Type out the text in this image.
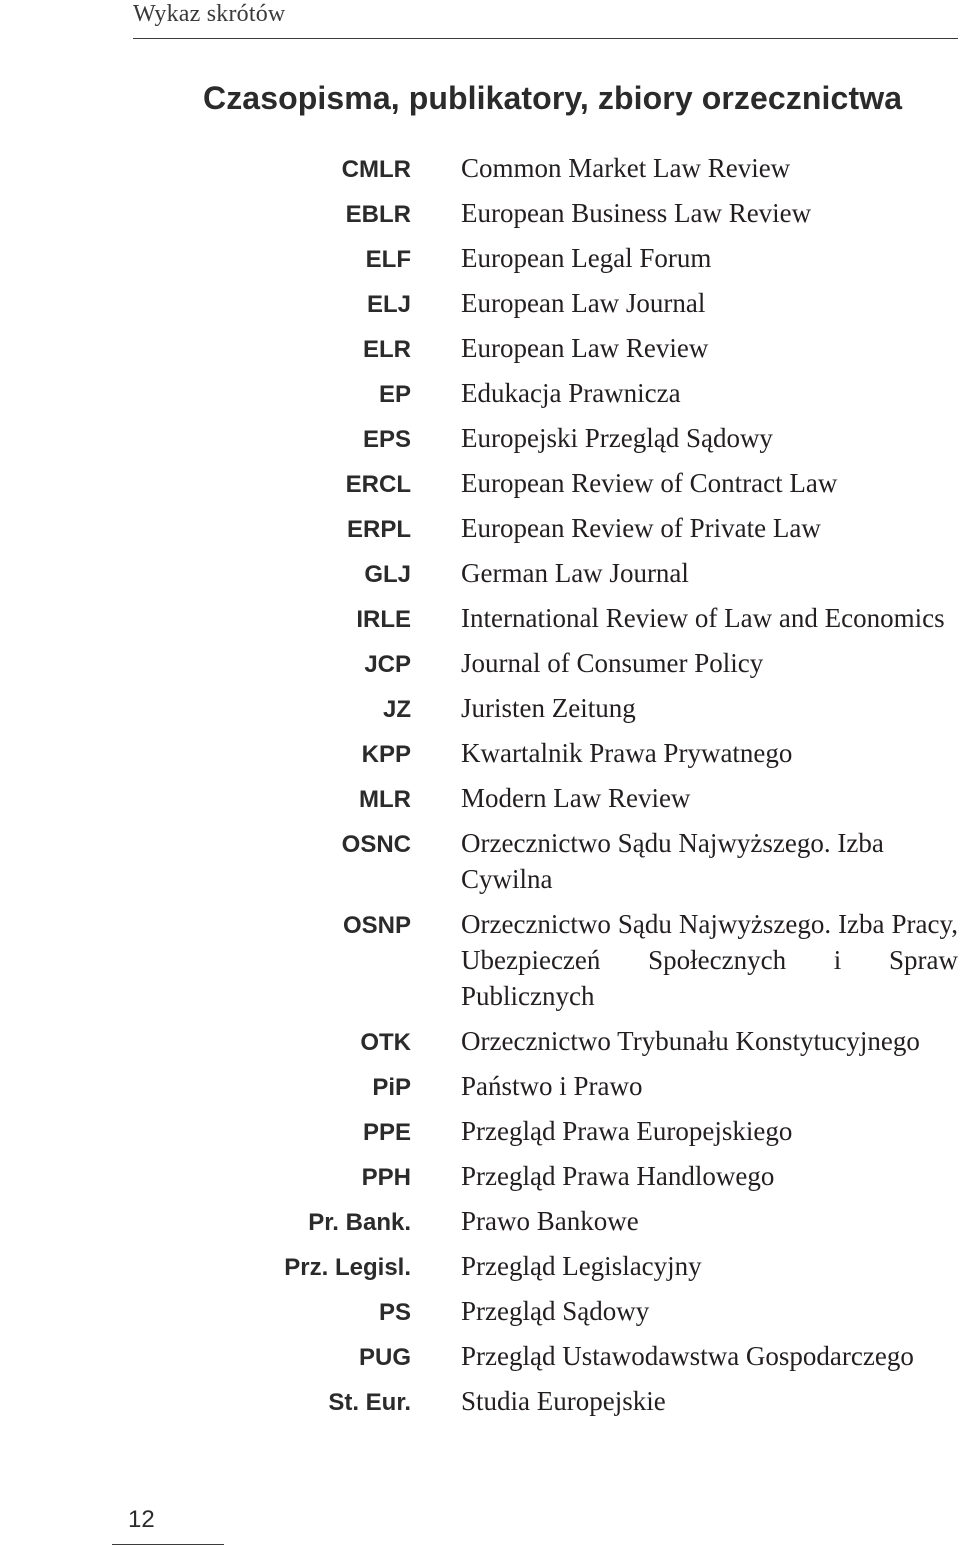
Wykaz skrótów
Czasopisma, publikatory, zbiory orzecznictwa
CMLR Common Market Law Review
EBLR European Business Law Review
ELF European Legal Forum
ELJ European Law Journal
ELR European Law Review
EP Edukacja Prawnicza
EPS Europejski Przegląd Sądowy
ERCL European Review of Contract Law
ERPL European Review of Private Law
GLJ German Law Journal
IRLE International Review of Law and Economics
JCP Journal of Consumer Policy
JZ Juristen Zeitung
KPP Kwartalnik Prawa Prywatnego
MLR Modern Law Review
OSNC Orzecznictwo Sądu Najwyższego. Izba Cywilna
OSNP Orzecznictwo Sądu Najwyższego. Izba Pracy, Ubezpieczeń Społecznych i Spraw Publicznych
OTK Orzecznictwo Trybunału Konstytucyjnego
PiP Państwo i Prawo
PPE Przegląd Prawa Europejskiego
PPH Przegląd Prawa Handlowego
Pr. Bank. Prawo Bankowe
Prz. Legisl. Przegląd Legislacyjny
PS Przegląd Sądowy
PUG Przegląd Ustawodawstwa Gospodarczego
St. Eur. Studia Europejskie
12
